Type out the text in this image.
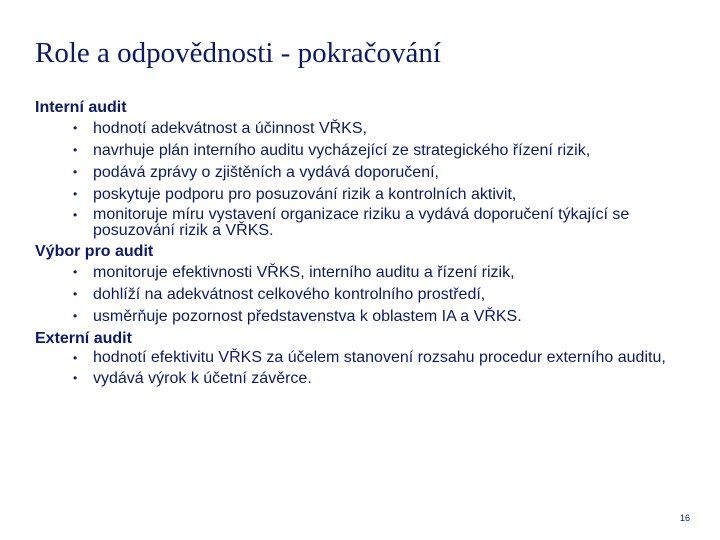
Role a odpovědnosti - pokračování
Interní audit
• hodnotí adekvátnost a účinnost VŘKS,
• navrhuje plán interního auditu vycházející ze strategického řízení rizik,
• podává zprávy o zjištěních a vydává doporučení,
• poskytuje podporu pro posuzování rizik a kontrolních aktivit,
• monitoruje míru vystavení organizace riziku a vydává doporučení týkající se posuzování rizik a VŘKS.
Výbor pro audit
• monitoruje efektivnosti VŘKS, interního auditu a řízení rizik,
• dohlíží na adekvátnost celkového kontrolního prostředí,
• usměrňuje pozornost představenstva k oblastem IA a VŘKS.
Externí audit
• hodnotí efektivitu VŘKS za účelem stanovení rozsahu procedur externího auditu,
• vydává výrok k účetní závěrce.
16
